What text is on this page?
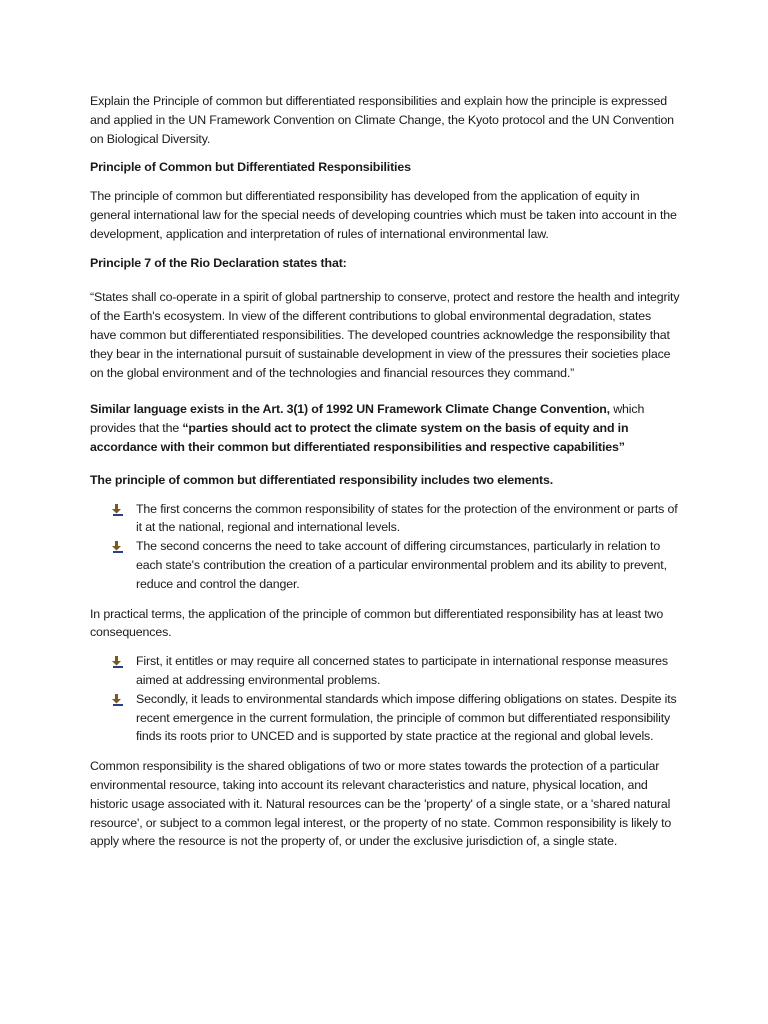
Explain the Principle of common but differentiated responsibilities and explain how the principle is expressed and applied in the UN Framework Convention on Climate Change, the Kyoto protocol and the UN Convention on Biological Diversity.

Principle of Common but Differentiated Responsibilities

The principle of common but differentiated responsibility has developed from the application of equity in general international law for the special needs of developing countries which must be taken into account in the development, application and interpretation of rules of international environmental law.

Principle 7 of the Rio Declaration states that:

“States shall co-operate in a spirit of global partnership to conserve, protect and restore the health and integrity of the Earth's ecosystem. In view of the different contributions to global environmental degradation, states have common but differentiated responsibilities. The developed countries acknowledge the responsibility that they bear in the international pursuit of sustainable development in view of the pressures their societies place on the global environment and of the technologies and financial resources they command.”

Similar language exists in the Art. 3(1) of 1992 UN Framework Climate Change Convention, which provides that the “parties should act to protect the climate system on the basis of equity and in accordance with their common but differentiated responsibilities and respective capabilities”

The principle of common but differentiated responsibility includes two elements.

The first concerns the common responsibility of states for the protection of the environment or parts of it at the national, regional and international levels.
The second concerns the need to take account of differing circumstances, particularly in relation to each state's contribution the creation of a particular environmental problem and its ability to prevent, reduce and control the danger.

In practical terms, the application of the principle of common but differentiated responsibility has at least two consequences.

First, it entitles or may require all concerned states to participate in international response measures aimed at addressing environmental problems.
Secondly, it leads to environmental standards which impose differing obligations on states. Despite its recent emergence in the current formulation, the principle of common but differentiated responsibility finds its roots prior to UNCED and is supported by state practice at the regional and global levels.

Common responsibility is the shared obligations of two or more states towards the protection of a particular environmental resource, taking into account its relevant characteristics and nature, physical location, and historic usage associated with it. Natural resources can be the 'property' of a single state, or a 'shared natural resource', or subject to a common legal interest, or the property of no state. Common responsibility is likely to apply where the resource is not the property of, or under the exclusive jurisdiction of, a single state.
